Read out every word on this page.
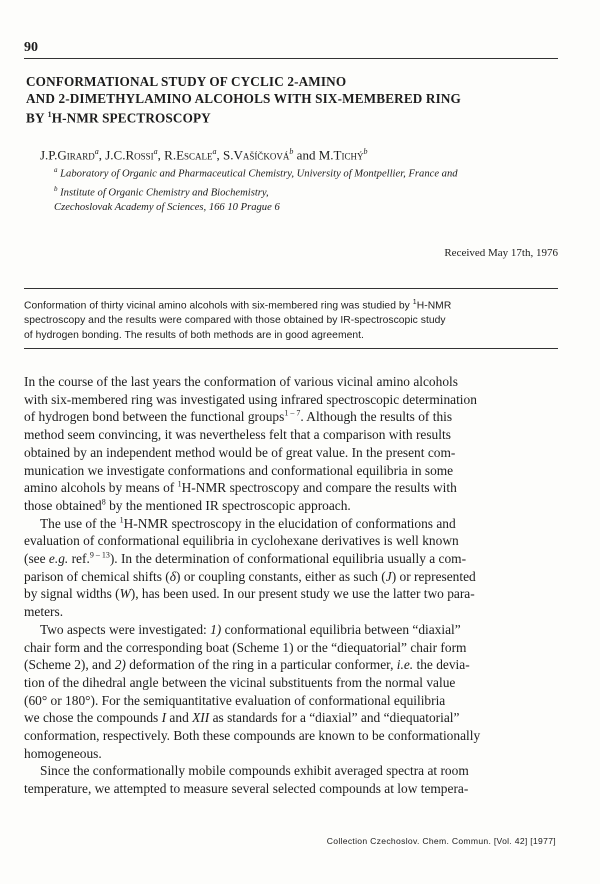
90
CONFORMATIONAL STUDY OF CYCLIC 2-AMINO
AND 2-DIMETHYLAMINO ALCOHOLS WITH SIX-MEMBERED RING
BY $^1$H-NMR SPECTROSCOPY
J.P.Girard$^a$, J.C.Rossi$^a$, R.Escale$^a$, S.Vašíčková$^b$ and M.Tichý$^b$
$^a$ Laboratory of Organic and Pharmaceutical Chemistry, University of Montpellier, France and
$^b$ Institute of Organic Chemistry and Biochemistry,
Czechoslovak Academy of Sciences, 166 10 Prague 6
Received May 17th, 1976
Conformation of thirty vicinal amino alcohols with six-membered ring was studied by $^1$H-NMR
spectroscopy and the results were compared with those obtained by IR-spectroscopic study
of hydrogen bonding. The results of both methods are in good agreement.

In the course of the last years the conformation of various vicinal amino alcohols
with six-membered ring was investigated using infrared spectroscopic determination
of hydrogen bond between the functional groups$^{1 - 7}$. Although the results of this
method seem convincing, it was nevertheless felt that a comparison with results
obtained by an independent method would be of great value. In the present com-
munication we investigate conformations and conformational equilibria in some
amino alcohols by means of $^1$H-NMR spectroscopy and compare the results with
those obtained$^8$ by the mentioned IR spectroscopic approach.

The use of the $^1$H-NMR spectroscopy in the elucidation of conformations and
evaluation of conformational equilibria in cyclohexane derivatives is well known
(see e.g. ref.$^{9 - 13}$). In the determination of conformational equilibria usually a com-
parison of chemical shifts (δ) or coupling constants, either as such (J) or represented
by signal widths (W), has been used. In our present study we use the latter two para-
meters.

Two aspects were investigated: 1) conformational equilibria between “diaxial”
chair form and the corresponding boat (Scheme 1) or the “diequatorial” chair form
(Scheme 2), and 2) deformation of the ring in a particular conformer, i.e. the devia-
tion of the dihedral angle between the vicinal substituents from the normal value
(60° or 180°). For the semiquantitative evaluation of conformational equilibria
we chose the compounds I and XII as standards for a “diaxial” and “diequatorial”
conformation, respectively. Both these compounds are known to be conformationally
homogeneous.

Since the conformationally mobile compounds exhibit averaged spectra at room
temperature, we attempted to measure several selected compounds at low tempera-

Collection Czechoslov. Chem. Commun. [Vol. 42] [1977]
